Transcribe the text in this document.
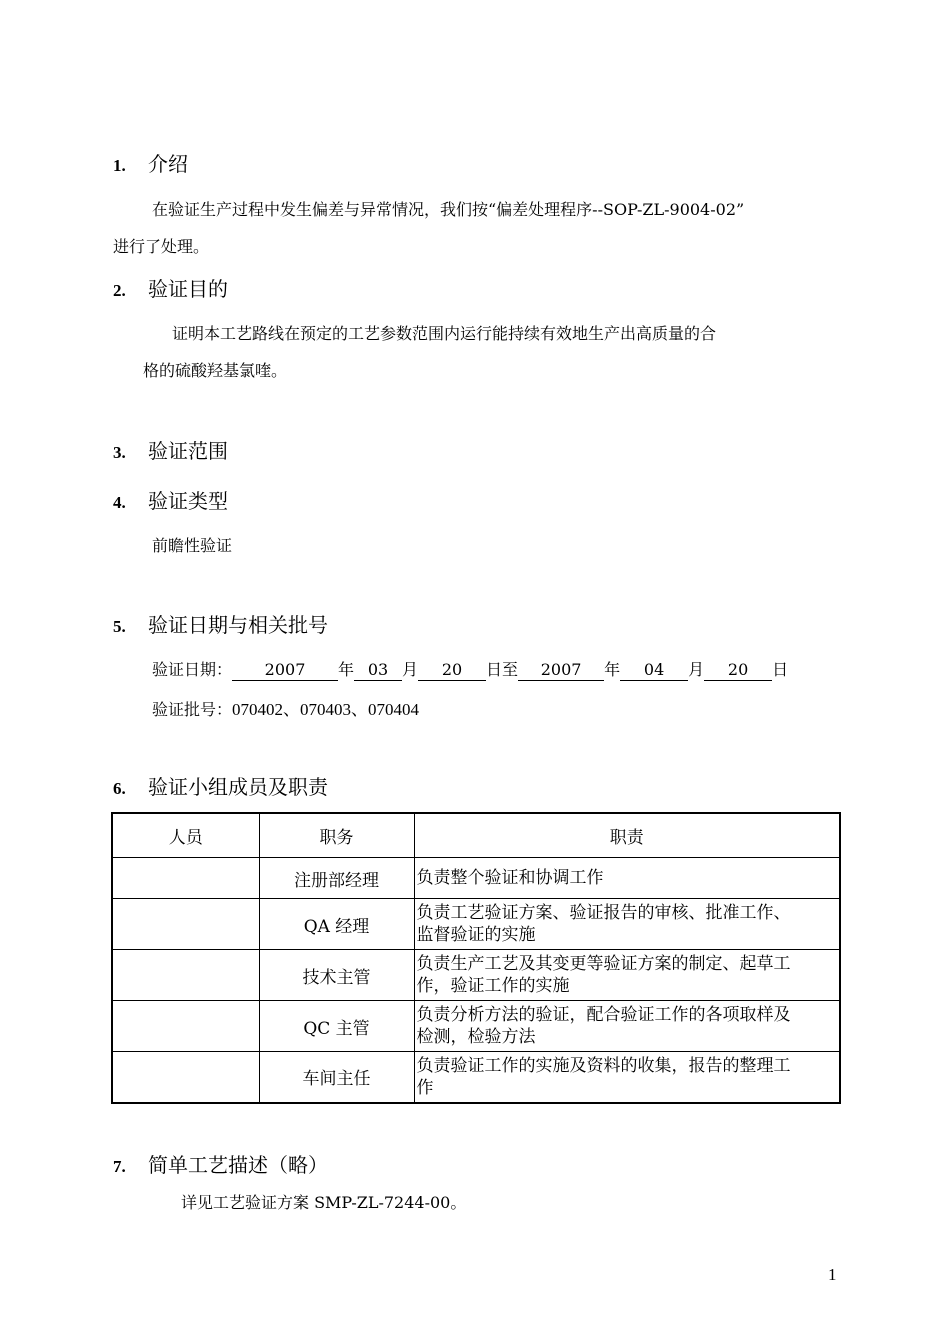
1. 介绍
在验证生产过程中发生偏差与异常情况，我们按“偏差处理程序--SOP-ZL-9004-02”
进行了处理。
2. 验证目的
证明本工艺路线在预定的工艺参数范围内运行能持续有效地生产出高质量的合
格的硫酸羟基氯喹。
3. 验证范围
4. 验证类型
前瞻性验证
5. 验证日期与相关批号
验证日期： 2007 年 03 月 20 日至 2007 年 04 月 20 日
验证批号：070402、070403、070404
6. 验证小组成员及职责
人员	职务	职责
	注册部经理	负责整个验证和协调工作

	QA 经理	负责工艺验证方案、验证报告的审核、批准工作、
监督验证的实施

	技术主管	负责生产工艺及其变更等验证方案的制定、起草工
作，验证工作的实施

	QC 主管	负责分析方法的验证，配合验证工作的各项取样及
检测，检验方法

	车间主任	负责验证工作的实施及资料的收集，报告的整理工
作
7. 简单工艺描述（略）
详见工艺验证方案 SMP-ZL-7244-00。
1
